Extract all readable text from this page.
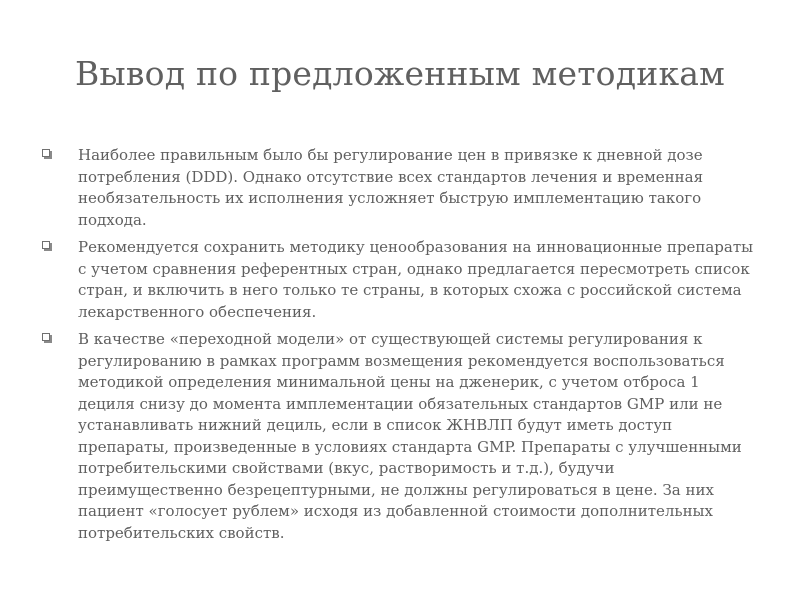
Вывод по предложенным методикам
Наиболее правильным было бы регулирование цен в привязке к дневной дозе потребления (DDD). Однако отсутствие всех стандартов лечения и временная необязательность их исполнения усложняет быструю имплементацию такого подхода.
Рекомендуется сохранить методику ценообразования на инновационные препараты с учетом сравнения референтных стран, однако предлагается пересмотреть список стран, и включить в него только те страны, в которых схожа с российской система лекарственного обеспечения.
В качестве «переходной модели» от существующей системы регулирования к регулированию в рамках программ возмещения рекомендуется воспользоваться методикой определения минимальной цены на дженерик, с учетом отброса 1 дециля снизу до момента имплементации обязательных стандартов GMP или не устанавливать нижний дециль, если в список ЖНВЛП будут иметь доступ препараты, произведенные в условиях стандарта GMP. Препараты с улучшенными потребительскими свойствами (вкус, растворимость и т.д.), будучи преимущественно безрецептурными, не должны регулироваться в цене. За них пациент «голосует рублем» исходя из добавленной стоимости дополнительных потребительских свойств.
